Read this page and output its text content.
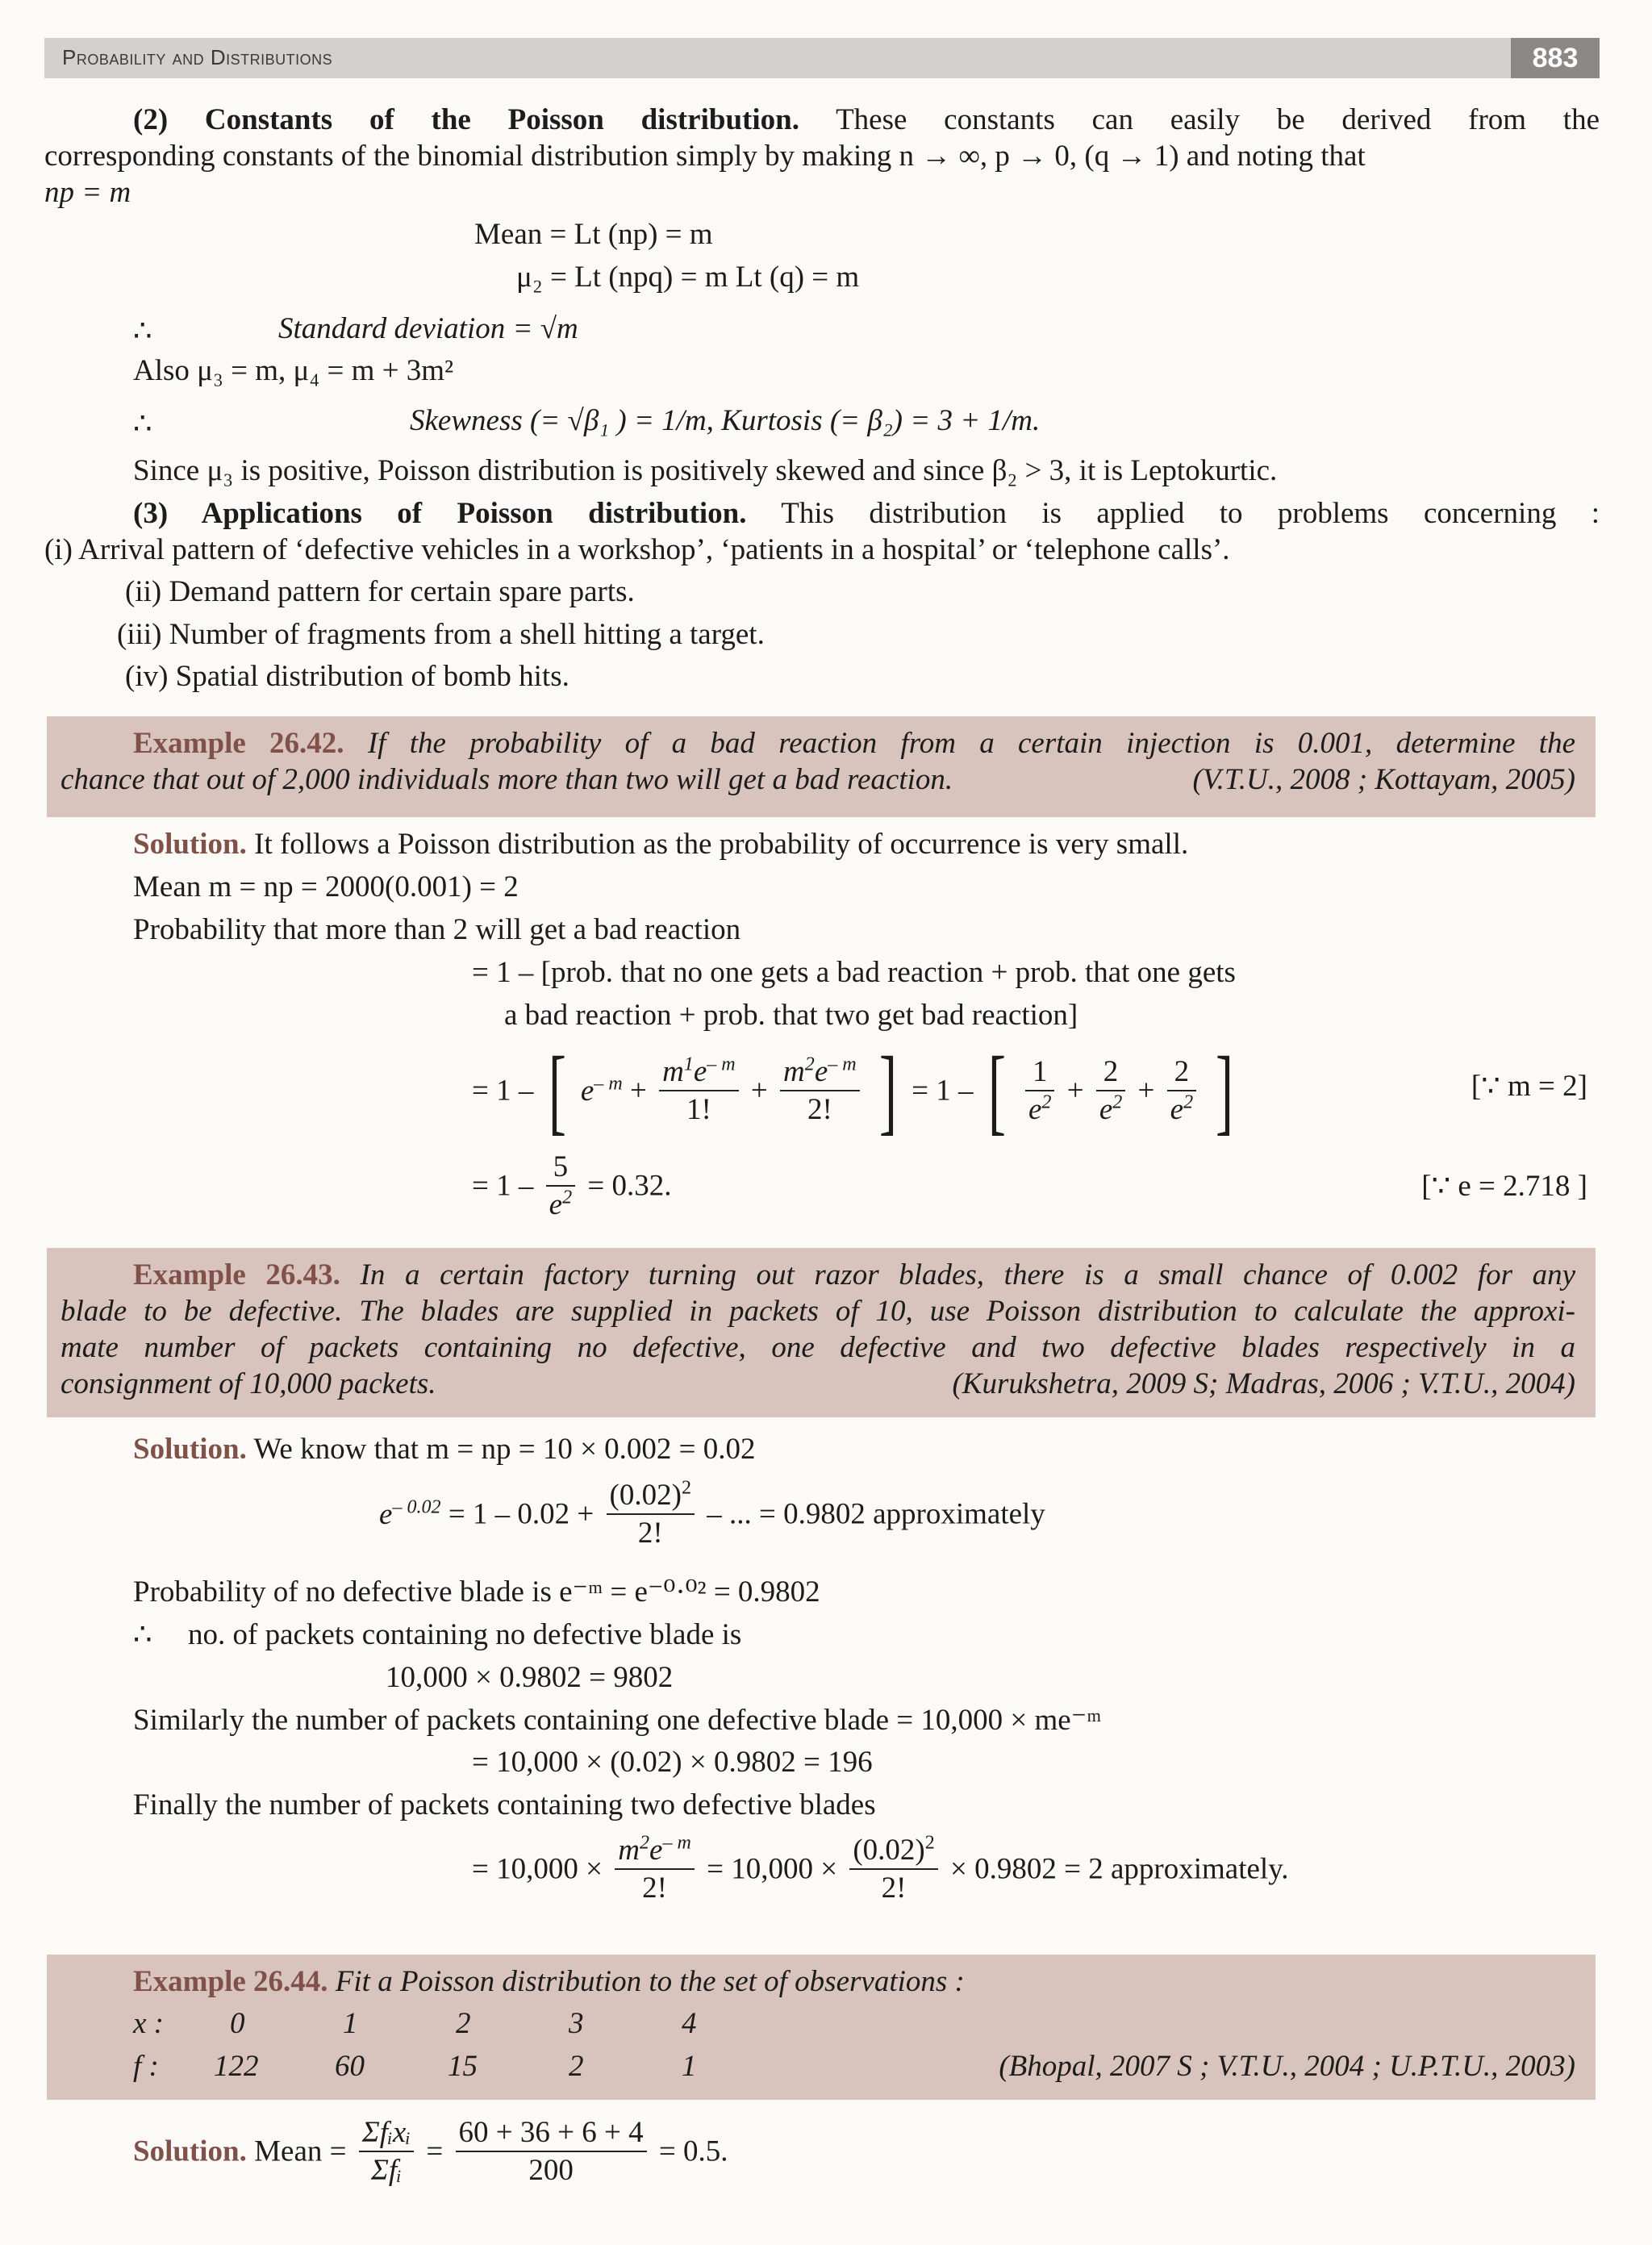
Probability and Distributions	883
(2) Constants of the Poisson distribution. These constants can easily be derived from the
corresponding constants of the binomial distribution simply by making n → ∞, p → 0, (q → 1) and noting that
np = m
Mean = Lt (np) = m
μ₂ = Lt (npq) = m Lt (q) = m
∴	Standard deviation = √m
Also μ₃ = m, μ₄ = m + 3m²
∴	Skewness (= √β₁ ) = 1/m, Kurtosis (= β₂) = 3 + 1/m.
Since μ₃ is positive, Poisson distribution is positively skewed and since β₂ > 3, it is Leptokurtic.
(3) Applications of Poisson distribution. This distribution is applied to problems concerning :
(i) Arrival pattern of ‘defective vehicles in a workshop’, ‘patients in a hospital’ or ‘telephone calls’.
(ii) Demand pattern for certain spare parts.
(iii) Number of fragments from a shell hitting a target.
(iv) Spatial distribution of bomb hits.
Example 26.42. If the probability of a bad reaction from a certain injection is 0.001, determine the
chance that out of 2,000 individuals more than two will get a bad reaction.	(V.T.U., 2008 ; Kottayam, 2005)
Solution. It follows a Poisson distribution as the probability of occurrence is very small.
Mean m = np = 2000(0.001) = 2
Probability that more than 2 will get a bad reaction
= 1 – [prob. that no one gets a bad reaction + prob. that one gets
a bad reaction + prob. that two get bad reaction]
= 1 – [ $e^{- m} + \frac{m^1e^{- m}}{1!} + \frac{m^2e^{- m}}{2!}$ ] = 1 – [ $\frac{1}{e^2} + \frac{2}{e^2} + \frac{2}{e^2}$ ]	[∵ m = 2]
= $1 - \frac{5}{e^2} = 0.32$.	[∵ e = 2.718 ]
Example 26.43. In a certain factory turning out razor blades, there is a small chance of 0.002 for any
blade to be defective. The blades are supplied in packets of 10, use Poisson distribution to calculate the approxi-
mate number of packets containing no defective, one defective and two defective blades respectively in a
consignment of 10,000 packets.	(Kurukshetra, 2009 S; Madras, 2006 ; V.T.U., 2004)
Solution. We know that m = np = 10 × 0.002 = 0.02
$e^{- 0.02} = 1 - 0.02 + \frac{(0.02)^2}{2!}$ – ... = 0.9802 approximately
Probability of no defective blade is e⁻ᵐ = e⁻⁰·⁰² = 0.9802
∴ no. of packets containing no defective blade is
10,000 × 0.9802 = 9802
Similarly the number of packets containing one defective blade = 10,000 × me⁻ᵐ
= 10,000 × (0.02) × 0.9802 = 196
Finally the number of packets containing two defective blades
= $10,000 \times \frac{m^2e^{- m}}{2!} = 10,000 \times \frac{(0.02)^2}{2!} \times 0.9802 = 2$ approximately.
Example 26.44. Fit a Poisson distribution to the set of observations :
x : 0	1	2	3	4
f : 122	60	15	2	1	(Bhopal, 2007 S ; V.T.U., 2004 ; U.P.T.U., 2003)
Solution. Mean = $\frac{\text{Σfᵢxᵢ}}{\text{Σfᵢ}} = \frac{60 + 36 + 6 + 4}{200} = 0.5$.
